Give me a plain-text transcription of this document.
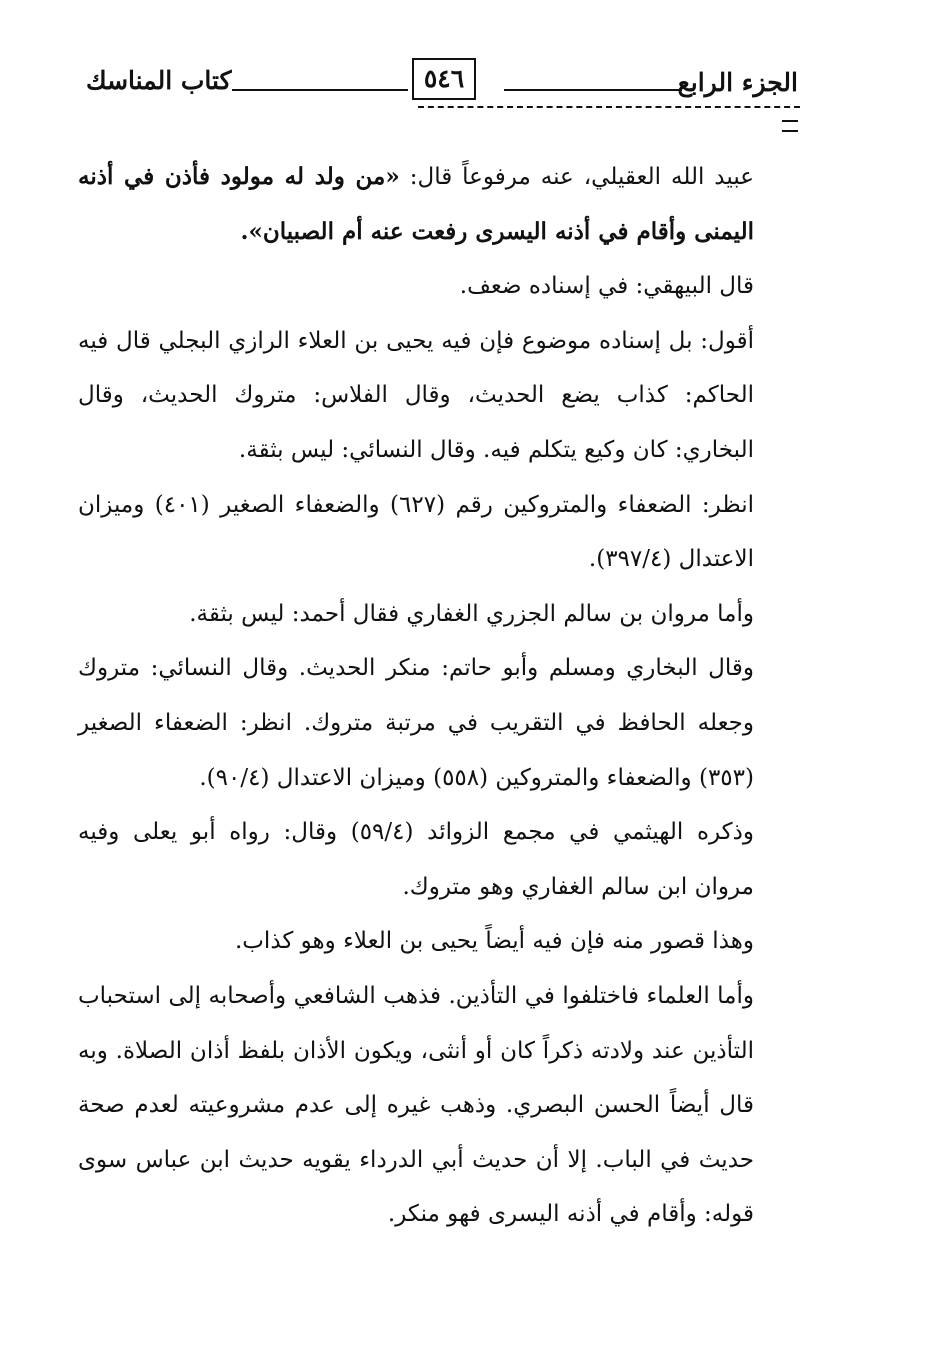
الجزء الرابع
٥٤٦
كتاب المناسك

عبيد الله العقيلي، عنه مرفوعاً قال: «من ولد له مولود فأذن في أذنه اليمنى وأقام في أذنه اليسرى رفعت عنه أم الصبيان».

قال البيهقي: في إسناده ضعف.

أقول: بل إسناده موضوع فإن فيه يحيى بن العلاء الرازي البجلي قال فيه الحاكم: كذاب يضع الحديث، وقال الفلاس: متروك الحديث، وقال البخاري: كان وكيع يتكلم فيه. وقال النسائي: ليس بثقة.

انظر: الضعفاء والمتروكين رقم (٦٢٧) والضعفاء الصغير (٤٠١) وميزان الاعتدال (٣٩٧/٤).

وأما مروان بن سالم الجزري الغفاري فقال أحمد: ليس بثقة.

وقال البخاري ومسلم وأبو حاتم: منكر الحديث. وقال النسائي: متروك وجعله الحافظ في التقريب في مرتبة متروك. انظر: الضعفاء الصغير (٣٥٣) والضعفاء والمتروكين (٥٥٨) وميزان الاعتدال (٩٠/٤).

وذكره الهيثمي في مجمع الزوائد (٥٩/٤) وقال: رواه أبو يعلى وفيه مروان ابن سالم الغفاري وهو متروك.

وهذا قصور منه فإن فيه أيضاً يحيى بن العلاء وهو كذاب.

وأما العلماء فاختلفوا في التأذين. فذهب الشافعي وأصحابه إلى استحباب التأذين عند ولادته ذكراً كان أو أنثى، ويكون الأذان بلفظ أذان الصلاة. وبه قال أيضاً الحسن البصري. وذهب غيره إلى عدم مشروعيته لعدم صحة حديث في الباب. إلا أن حديث أبي الدرداء يقويه حديث ابن عباس سوى قوله: وأقام في أذنه اليسرى فهو منكر.
